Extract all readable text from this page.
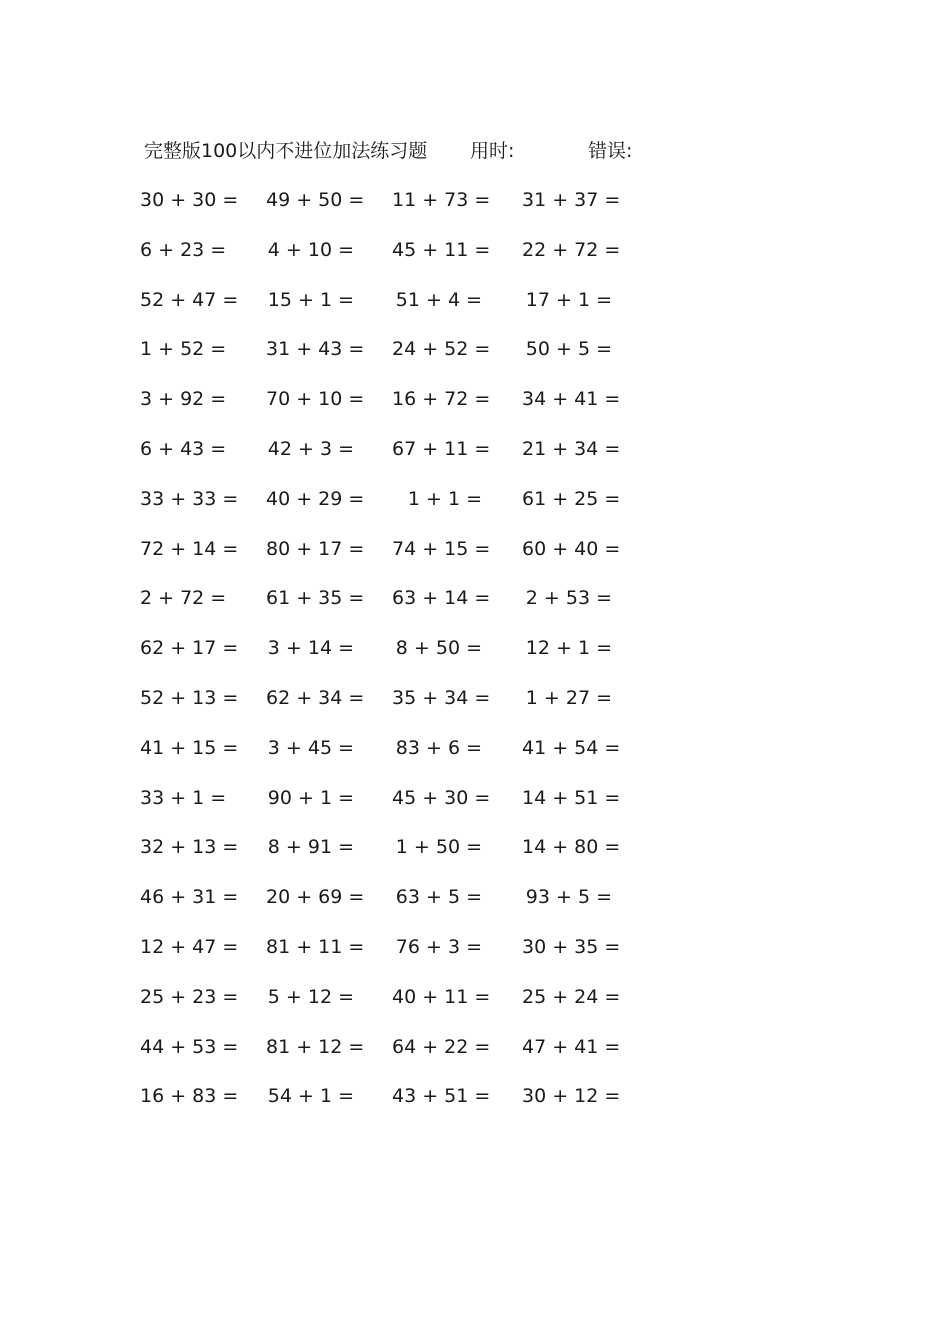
完整版100以内不进位加法练习题 用时:	错误:
30 + 30 = 49 + 50 = 11 + 73 = 31 + 37 =
6 + 23 = 4 + 10 = 45 + 11 = 22 + 72 =
52 + 47 = 15 + 1 = 51 + 4 = 17 + 1 =
1 + 52 = 31 + 43 = 24 + 52 = 50 + 5 =
3 + 92 = 70 + 10 = 16 + 72 = 34 + 41 =
6 + 43 = 42 + 3 = 67 + 11 = 21 + 34 =
33 + 33 = 40 + 29 =	1 + 1 = 61 + 25 =
72 + 14 = 80 + 17 = 74 + 15 = 60 + 40 =
2 + 72 = 61 + 35 = 63 + 14 = 2 + 53 =
62 + 17 = 3 + 14 = 8 + 50 = 12 + 1 =
52 + 13 = 62 + 34 = 35 + 34 = 1 + 27 =
41 + 15 = 3 + 45 = 83 + 6 = 41 + 54 =
33 + 1 = 90 + 1 = 45 + 30 = 14 + 51 =
32 + 13 = 8 + 91 = 1 + 50 = 14 + 80 =
46 + 31 = 20 + 69 = 63 + 5 = 93 + 5 =
12 + 47 = 81 + 11 = 76 + 3 = 30 + 35 =
25 + 23 = 5 + 12 = 40 + 11 = 25 + 24 =
44 + 53 = 81 + 12 = 64 + 22 = 47 + 41 =
16 + 83 = 54 + 1 = 43 + 51 = 30 + 12 =
